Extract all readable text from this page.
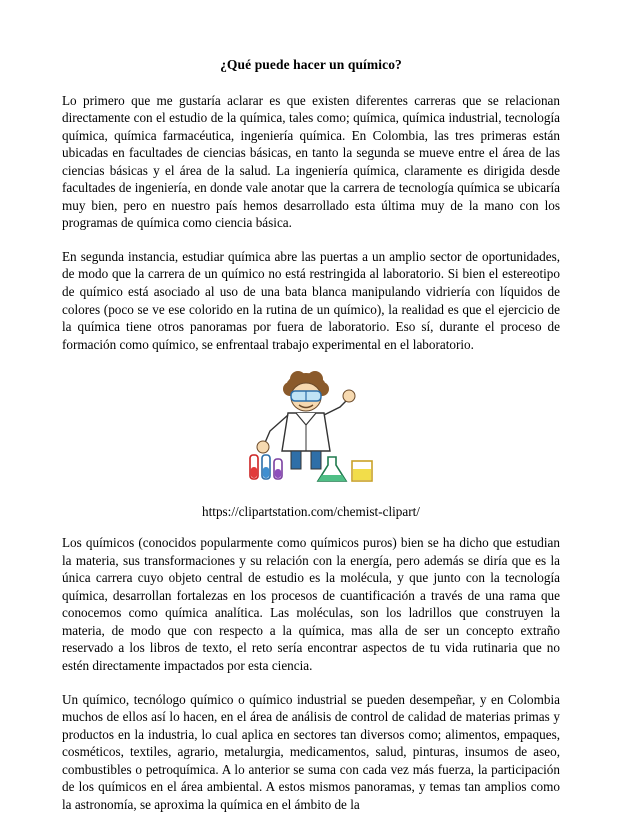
¿Qué puede hacer un químico?

Lo primero que me gustaría aclarar es que existen diferentes carreras que se relacionan directamente con el estudio de la química, tales como; química, química industrial, tecnología química, química farmacéutica, ingeniería química. En Colombia, las tres primeras están ubicadas en facultades de ciencias básicas, en tanto la segunda se mueve entre el área de las ciencias básicas y el área de la salud. La ingeniería química, claramente es dirigida desde facultades de ingeniería, en donde vale anotar que la carrera de tecnología química se ubicaría muy bien, pero en nuestro país hemos desarrollado esta última muy de la mano con los programas de química como ciencia básica.

En segunda instancia, estudiar química abre las puertas a un amplio sector de oportunidades, de modo que la carrera de un químico no está restringida al laboratorio. Si bien el estereotipo de químico está asociado al uso de una bata blanca manipulando vidriería con líquidos de colores (poco se ve ese colorido en la rutina de un químico), la realidad es que el ejercicio de la química tiene otros panoramas por fuera de laboratorio. Eso sí, durante el proceso de formación como químico, se enfrentaal trabajo experimental en el laboratorio.

https://clipartstation.com/chemist-clipart/

Los químicos (conocidos popularmente como químicos puros) bien se ha dicho que estudian la materia, sus transformaciones y su relación con la energía, pero además se diría que es la única carrera cuyo objeto central de estudio es la molécula, y que junto con la tecnología química, desarrollan fortalezas en los procesos de cuantificación a través de una rama que conocemos como química analítica. Las moléculas, son los ladrillos que construyen la materia, de modo que con respecto a la química, mas alla de ser un concepto extraño reservado a los libros de texto, el reto sería encontrar aspectos de tu vida rutinaria que no estén directamente impactados por esta ciencia.

Un químico, tecnólogo químico o químico industrial se pueden desempeñar, y en Colombia muchos de ellos así lo hacen, en el área de análisis de control de calidad de materias primas y productos en la industria, lo cual aplica en sectores tan diversos como; alimentos, empaques, cosméticos, textiles, agrario, metalurgia, medicamentos, salud, pinturas, insumos de aseo, combustibles o petroquímica. A lo anterior se suma con cada vez más fuerza, la participación de los químicos en el área ambiental. A estos mismos panoramas, y temas tan amplios como la astronomía, se aproxima la química en el ámbito de la
